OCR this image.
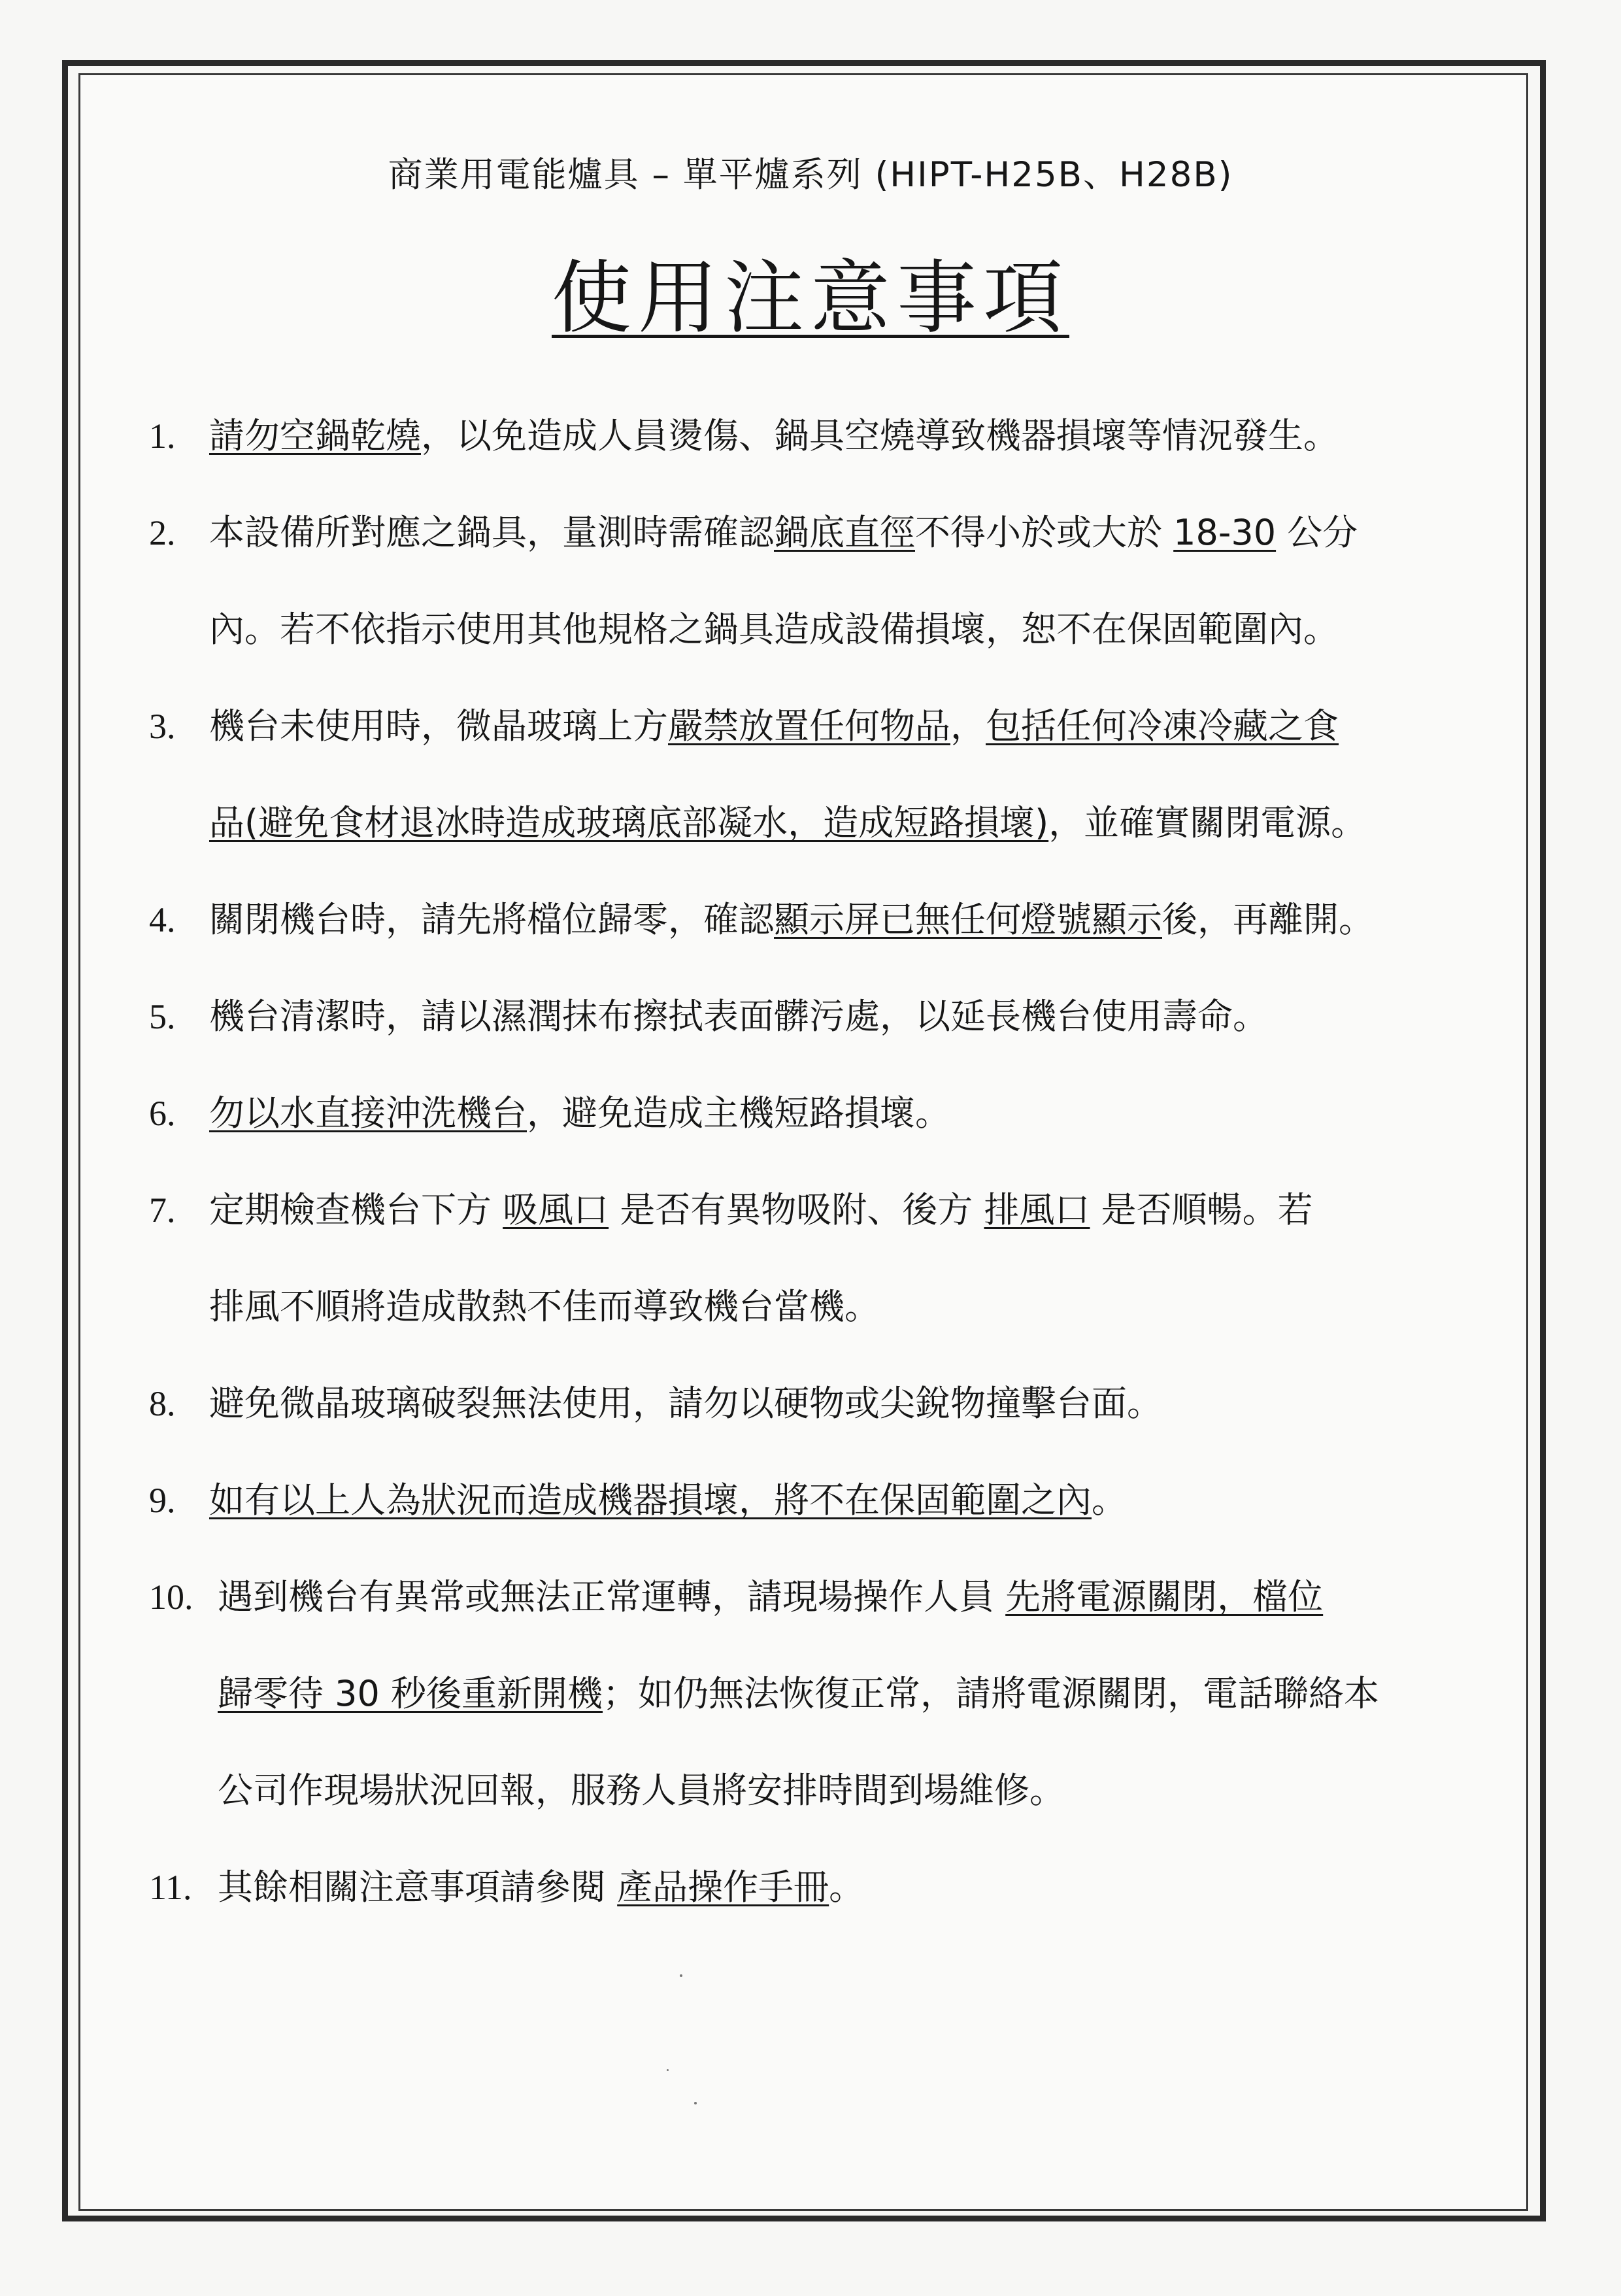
商業用電能爐具 – 單平爐系列 (HIPT-H25B、H28B)
使用注意事項
1. 請勿空鍋乾燒，以免造成人員燙傷、鍋具空燒導致機器損壞等情況發生。
2. 本設備所對應之鍋具，量測時需確認鍋底直徑不得小於或大於 18-30 公分
內。若不依指示使用其他規格之鍋具造成設備損壞，恕不在保固範圍內。
3. 機台未使用時，微晶玻璃上方嚴禁放置任何物品，包括任何冷凍冷藏之食
品(避免食材退冰時造成玻璃底部凝水，造成短路損壞)，並確實關閉電源。
4. 關閉機台時，請先將檔位歸零，確認顯示屏已無任何燈號顯示後，再離開。
5. 機台清潔時，請以濕潤抹布擦拭表面髒污處，以延長機台使用壽命。
6. 勿以水直接沖洗機台，避免造成主機短路損壞。
7. 定期檢查機台下方 吸風口 是否有異物吸附、後方 排風口 是否順暢。若
排風不順將造成散熱不佳而導致機台當機。
8. 避免微晶玻璃破裂無法使用，請勿以硬物或尖銳物撞擊台面。
9. 如有以上人為狀況而造成機器損壞，將不在保固範圍之內。
10. 遇到機台有異常或無法正常運轉，請現場操作人員 先將電源關閉，檔位
歸零待 30 秒後重新開機；如仍無法恢復正常，請將電源關閉，電話聯絡本
公司作現場狀況回報，服務人員將安排時間到場維修。
11. 其餘相關注意事項請參閱 產品操作手冊。
